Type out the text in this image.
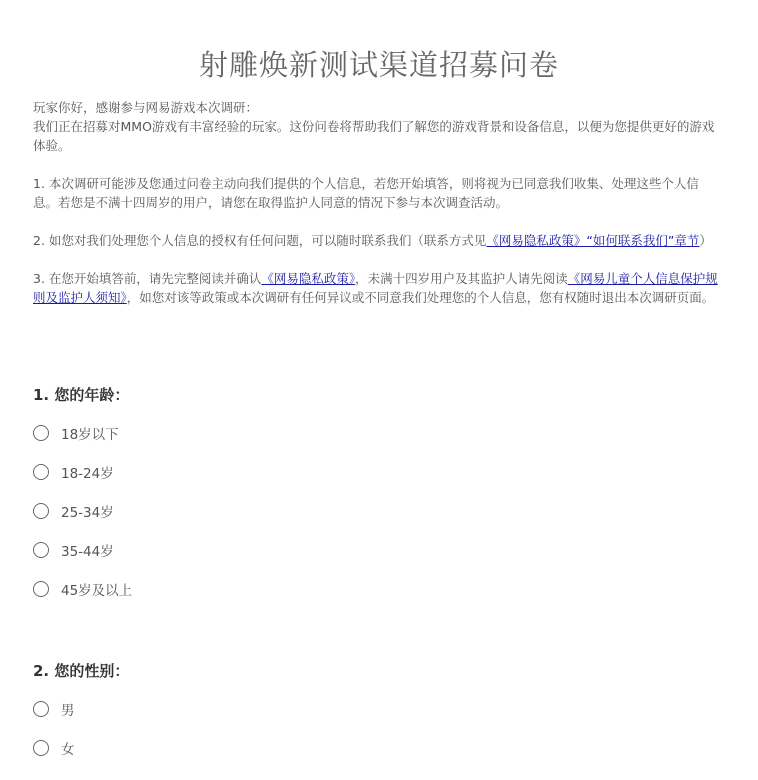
射雕焕新测试渠道招募问卷

玩家你好，感谢参与网易游戏本次调研：

我们正在招募对MMO游戏有丰富经验的玩家。这份问卷将帮助我们了解您的游戏背景和设备信息，以便为您提供更好的游戏体验。

1. 本次调研可能涉及您通过问卷主动向我们提供的个人信息，若您开始填答，则将视为已同意我们收集、处理这些个人信息。若您是不满十四周岁的用户，请您在取得监护人同意的情况下参与本次调查活动。

2. 如您对我们处理您个人信息的授权有任何问题，可以随时联系我们（联系方式见《网易隐私政策》“如何联系我们”章节）

3. 在您开始填答前，请先完整阅读并确认《网易隐私政策》，未满十四岁用户及其监护人请先阅读《网易儿童个人信息保护规则及监护人须知》，如您对该等政策或本次调研有任何异议或不同意我们处理您的个人信息，您有权随时退出本次调研页面。

1. 您的年龄：
18岁以下
18-24岁
25-34岁
35-44岁
45岁及以上
2. 您的性别：
男
女
